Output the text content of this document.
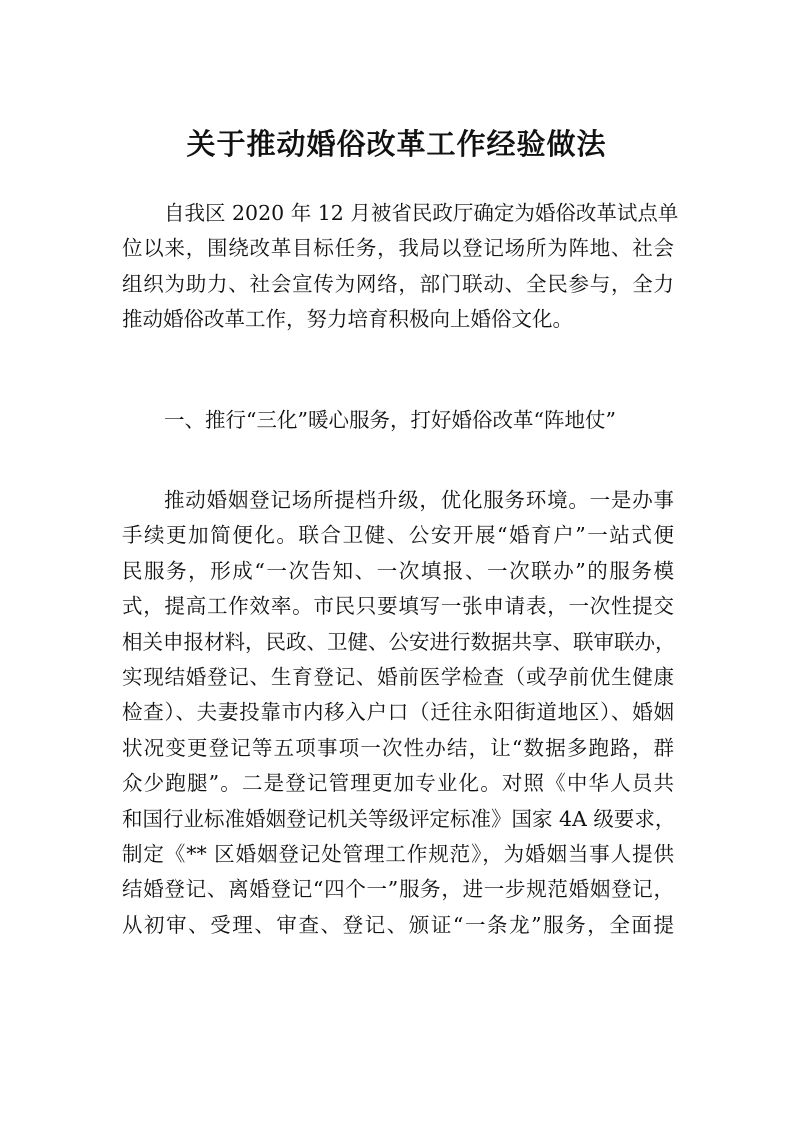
关于推动婚俗改革工作经验做法
自我区 2020 年 12 月被省民政厅确定为婚俗改革试点单
位以来，围绕改革目标任务，我局以登记场所为阵地、社会
组织为助力、社会宣传为网络，部门联动、全民参与，全力
推动婚俗改革工作，努力培育积极向上婚俗文化。
一、推行“三化”暖心服务，打好婚俗改革“阵地仗”
推动婚姻登记场所提档升级，优化服务环境。一是办事
手续更加简便化。联合卫健、公安开展“婚育户”一站式便
民服务，形成“一次告知、一次填报、一次联办”的服务模
式，提高工作效率。市民只要填写一张申请表，一次性提交
相关申报材料，民政、卫健、公安进行数据共享、联审联办，
实现结婚登记、生育登记、婚前医学检查（或孕前优生健康
检查）、夫妻投靠市内移入户口（迁往永阳街道地区）、婚姻
状况变更登记等五项事项一次性办结，让“数据多跑路，群
众少跑腿”。二是登记管理更加专业化。对照《中华人员共
和国行业标准婚姻登记机关等级评定标准》国家 4A 级要求，
制定《** 区婚姻登记处管理工作规范》，为婚姻当事人提供
结婚登记、离婚登记“四个一”服务，进一步规范婚姻登记，
从初审、受理、审查、登记、颁证“一条龙”服务，全面提
